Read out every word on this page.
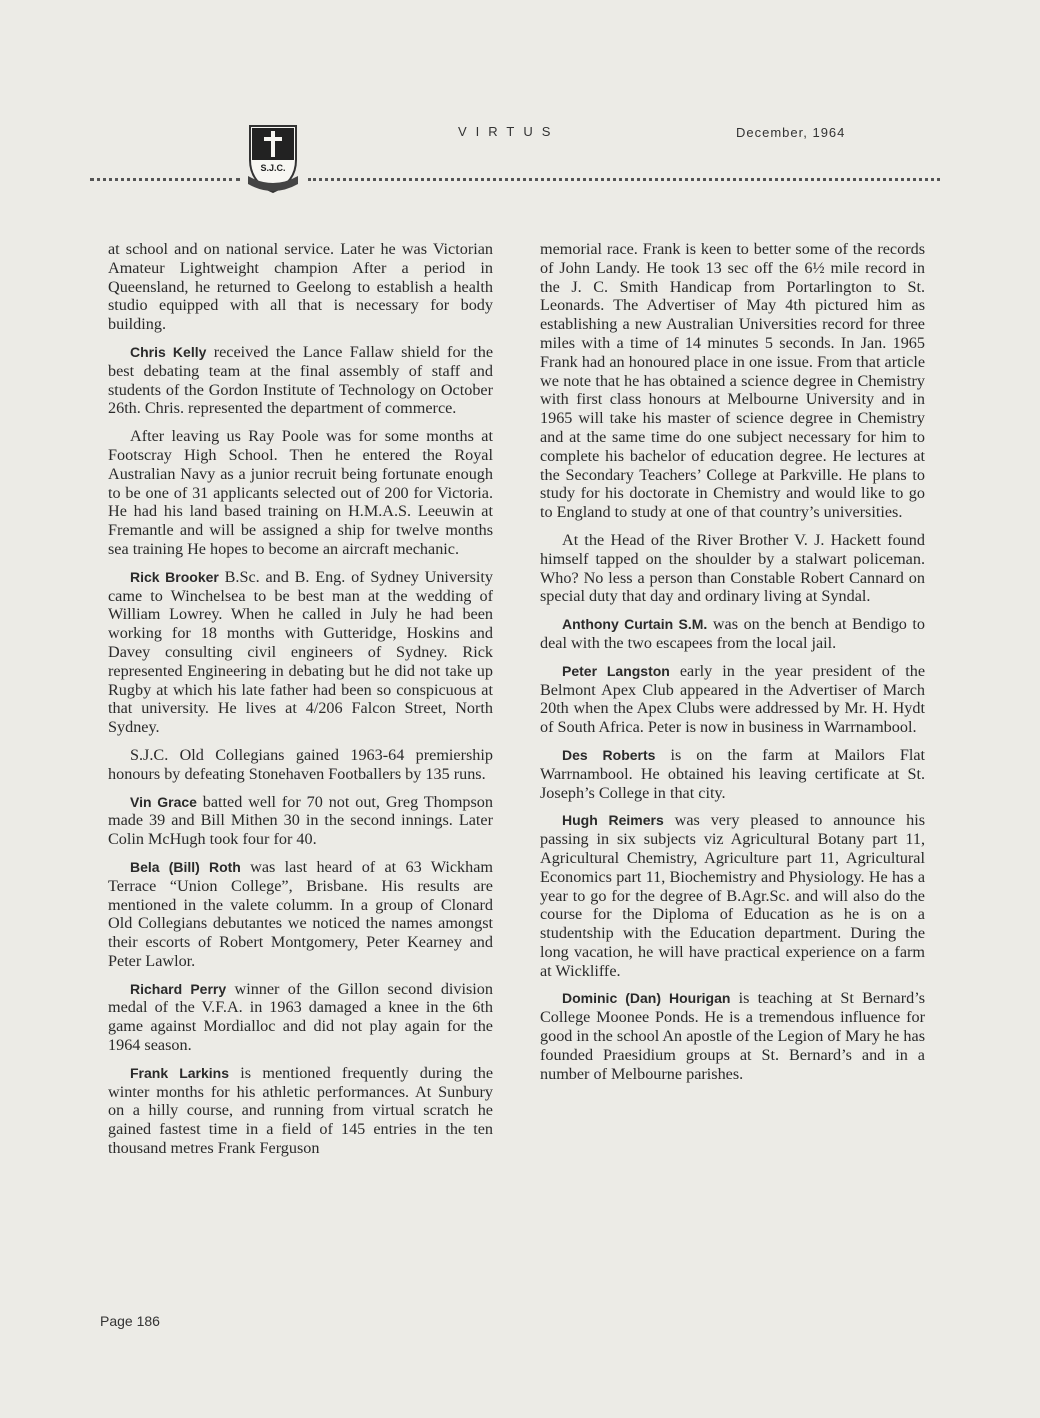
VIRTUS	December, 1964
S.J.C.

at school and on national service. Later he was Victorian Amateur Lightweight champion After a period in Queensland, he returned to Geelong to establish a health studio equipped with all that is necessary for body building.

Chris Kelly received the Lance Fallaw shield for the best debating team at the final assembly of staff and students of the Gordon Institute of Technology on October 26th. Chris. represented the department of commerce.

After leaving us Ray Poole was for some months at Footscray High School. Then he entered the Royal Australian Navy as a junior recruit being fortunate enough to be one of 31 applicants selected out of 200 for Victoria. He had his land based training on H.M.A.S. Leeuwin at Fremantle and will be assigned a ship for twelve months sea training He hopes to become an aircraft mechanic.

Rick Brooker B.Sc. and B. Eng. of Sydney University came to Winchelsea to be best man at the wedding of William Lowrey. When he called in July he had been working for 18 months with Gutteridge, Hoskins and Davey consulting civil engineers of Sydney. Rick represented Engineering in debating but he did not take up Rugby at which his late father had been so conspicuous at that university. He lives at 4/206 Falcon Street, North Sydney.

S.J.C. Old Collegians gained 1963-64 premiership honours by defeating Stonehaven Footballers by 135 runs.

Vin Grace batted well for 70 not out, Greg Thompson made 39 and Bill Mithen 30 in the second innings. Later Colin McHugh took four for 40.

Bela (Bill) Roth was last heard of at 63 Wickham Terrace “Union College”, Brisbane. His results are mentioned in the valete columm. In a group of Clonard Old Collegians debutantes we noticed the names amongst their escorts of Robert Montgomery, Peter Kearney and Peter Lawlor.

Richard Perry winner of the Gillon second division medal of the V.F.A. in 1963 damaged a knee in the 6th game against Mordialloc and did not play again for the 1964 season.

Frank Larkins is mentioned frequently during the winter months for his athletic performances. At Sunbury on a hilly course, and running from virtual scratch he gained fastest time in a field of 145 entries in the ten thousand metres Frank Ferguson

memorial race. Frank is keen to better some of the records of John Landy. He took 13 sec off the 6½ mile record in the J. C. Smith Handicap from Portarlington to St. Leonards. The Advertiser of May 4th pictured him as establishing a new Australian Universities record for three miles with a time of 14 minutes 5 seconds. In Jan. 1965 Frank had an honoured place in one issue. From that article we note that he has obtained a science degree in Chemistry with first class honours at Melbourne University and in 1965 will take his master of science degree in Chemistry and at the same time do one subject necessary for him to complete his bachelor of education degree. He lectures at the Secondary Teachers’ College at Parkville. He plans to study for his doctorate in Chemistry and would like to go to England to study at one of that country’s universities.

At the Head of the River Brother V. J. Hackett found himself tapped on the shoulder by a stalwart policeman. Who? No less a person than Constable Robert Cannard on special duty that day and ordinary living at Syndal.

Anthony Curtain S.M. was on the bench at Bendigo to deal with the two escapees from the local jail.

Peter Langston early in the year president of the Belmont Apex Club appeared in the Advertiser of March 20th when the Apex Clubs were addressed by Mr. H. Hydt of South Africa. Peter is now in business in Warrnambool.

Des Roberts is on the farm at Mailors Flat Warrnambool. He obtained his leaving certificate at St. Joseph’s College in that city.

Hugh Reimers was very pleased to announce his passing in six subjects viz Agricultural Botany part 11, Agricultural Chemistry, Agriculture part 11, Agricultural Economics part 11, Biochemistry and Physiology. He has a year to go for the degree of B.Agr.Sc. and will also do the course for the Diploma of Education as he is on a studentship with the Education department. During the long vacation, he will have practical experience on a farm at Wickliffe.

Dominic (Dan) Hourigan is teaching at St Bernard’s College Moonee Ponds. He is a tremendous influence for good in the school An apostle of the Legion of Mary he has founded Praesidium groups at St. Bernard’s and in a number of Melbourne parishes.

Page 186
